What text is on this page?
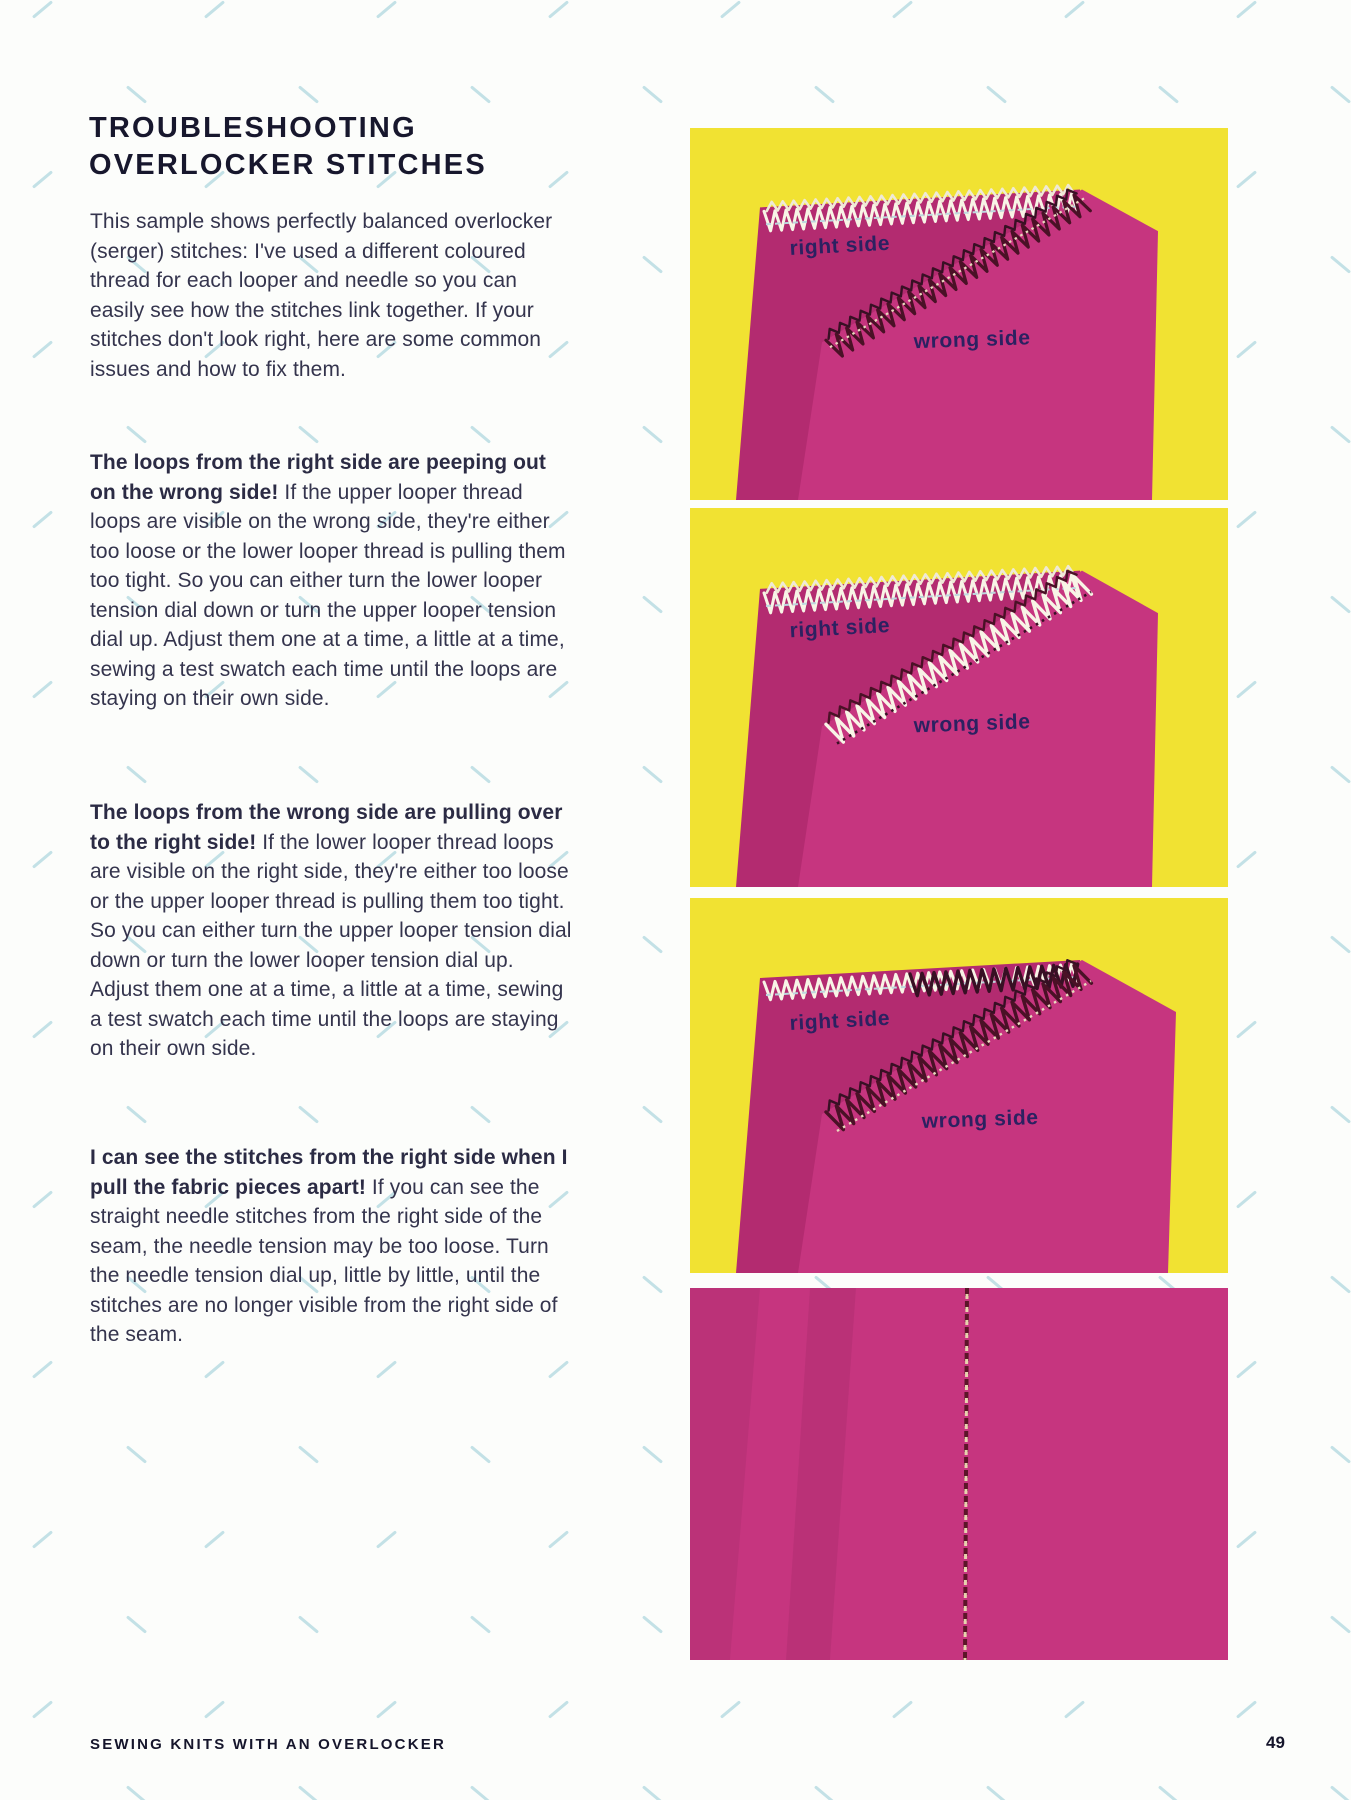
TROUBLESHOOTING
OVERLOCKER STITCHES

This sample shows perfectly balanced overlocker (serger) stitches: I've used a different coloured thread for each looper and needle so you can easily see how the stitches link together. If your stitches don't look right, here are some common issues and how to fix them.

The loops from the right side are peeping out on the wrong side! If the upper looper thread loops are visible on the wrong side, they're either too loose or the lower looper thread is pulling them too tight. So you can either turn the lower looper tension dial down or turn the upper looper tension dial up. Adjust them one at a time, a little at a time, sewing a test swatch each time until the loops are staying on their own side.

The loops from the wrong side are pulling over to the right side! If the lower looper thread loops are visible on the right side, they're either too loose or the upper looper thread is pulling them too tight. So you can either turn the upper looper tension dial down or turn the lower looper tension dial up. Adjust them one at a time, a little at a time, sewing a test swatch each time until the loops are staying on their own side.

I can see the stitches from the right side when I pull the fabric pieces apart! If you can see the straight needle stitches from the right side of the seam, the needle tension may be too loose. Turn the needle tension dial up, little by little, until the stitches are no longer visible from the right side of the seam.

right side
wrong side
right side
wrong side
right side
wrong side
SEWING KNITS WITH AN OVERLOCKER	49
